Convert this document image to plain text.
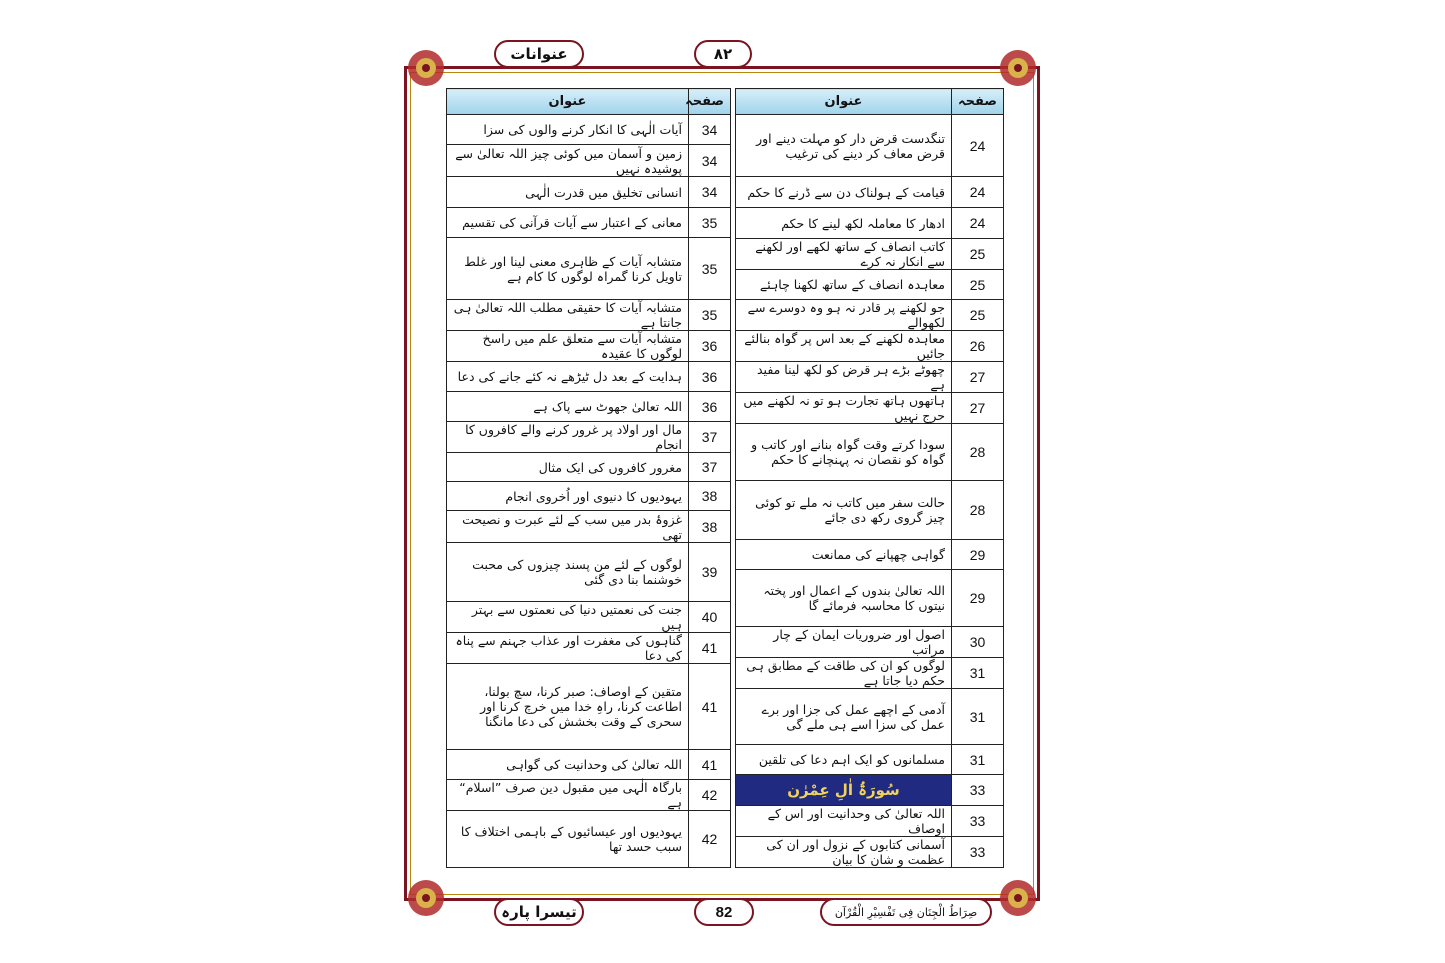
عنوانات	۸۲
صفحہ	عنوان
24	تنگدست قرض دار کو مہلت دینے اور قرض معاف کر دینے کی ترغیب
24	قیامت کے ہولناک دن سے ڈرنے کا حکم
24	ادھار کا معاملہ لکھ لینے کا حکم
25	کاتب انصاف کے ساتھ لکھے اور لکھنے سے انکار نہ کرے
25	معاہدہ انصاف کے ساتھ لکھنا چاہئے
25	جو لکھنے پر قادر نہ ہو وہ دوسرے سے لکھوالے
26	معاہدہ لکھنے کے بعد اس پر گواہ بنالئے جائیں
27	چھوٹے بڑے ہر قرض کو لکھ لینا مفید ہے
27	ہاتھوں ہاتھ تجارت ہو تو نہ لکھنے میں حرج نہیں
28	سودا کرتے وقت گواہ بنانے اور کاتب و گواہ کو نقصان نہ پہنچانے کا حکم
28	حالت سفر میں کاتب نہ ملے تو کوئی چیز گروی رکھ دی جائے
29	گواہی چھپانے کی ممانعت
29	اللہ تعالیٰ بندوں کے اعمال اور پختہ نیتوں کا محاسبہ فرمائے گا
30	اصول اور ضروریات ایمان کے چار مراتب
31	لوگوں کو ان کی طاقت کے مطابق ہی حکم دیا جاتا ہے
31	آدمی کے اچھے عمل کی جزا اور برے عمل کی سزا اسے ہی ملے گی
31	مسلمانوں کو ایک اہم دعا کی تلقین
33	سُورَۃُ اٰلِ عِمْرٰن
33	اللہ تعالیٰ کی وحدانیت اور اس کے اوصاف
33	آسمانی کتابوں کے نزول اور ان کی عظمت و شان کا بیان
صفحہ	عنوان
34	آیات الٰہی کا انکار کرنے والوں کی سزا
34	زمین و آسمان میں کوئی چیز اللہ تعالیٰ سے پوشیدہ نہیں
34	انسانی تخلیق میں قدرت الٰہی
35	معانی کے اعتبار سے آیات قرآنی کی تقسیم
35	متشابہ آیات کے ظاہری معنی لینا اور غلط تاویل کرنا گمراہ لوگوں کا کام ہے
35	متشابہ آیات کا حقیقی مطلب اللہ تعالیٰ ہی جانتا ہے
36	متشابہ آیات سے متعلق علم میں راسخ لوگوں کا عقیدہ
36	ہدایت کے بعد دل ٹیڑھے نہ کئے جانے کی دعا
36	اللہ تعالیٰ جھوٹ سے پاک ہے
37	مال اور اولاد پر غرور کرنے والے کافروں کا انجام
37	مغرور کافروں کی ایک مثال
38	یہودیوں کا دنیوی اور اُخروی انجام
38	غزوۂ بدر میں سب کے لئے عبرت و نصیحت تھی
39	لوگوں کے لئے من پسند چیزوں کی محبت خوشنما بنا دی گئی
40	جنت کی نعمتیں دنیا کی نعمتوں سے بہتر ہیں
41	گناہوں کی مغفرت اور عذاب جہنم سے پناہ کی دعا
41	متقین کے اوصاف: صبر کرنا، سچ بولنا، اطاعت کرنا، راہِ خدا میں خرچ کرنا اور سحری کے وقت بخشش کی دعا مانگنا
41	اللہ تعالیٰ کی وحدانیت کی گواہی
42	بارگاہ الٰہی میں مقبول دین صرف ”اسلام“ ہے
42	یہودیوں اور عیسائیوں کے باہمی اختلاف کا سبب حسد تھا
تیسرا پارہ	82	صِرَاطُ الْجِنَان فِی تَفْسِیْرِ الْقُرْآن
